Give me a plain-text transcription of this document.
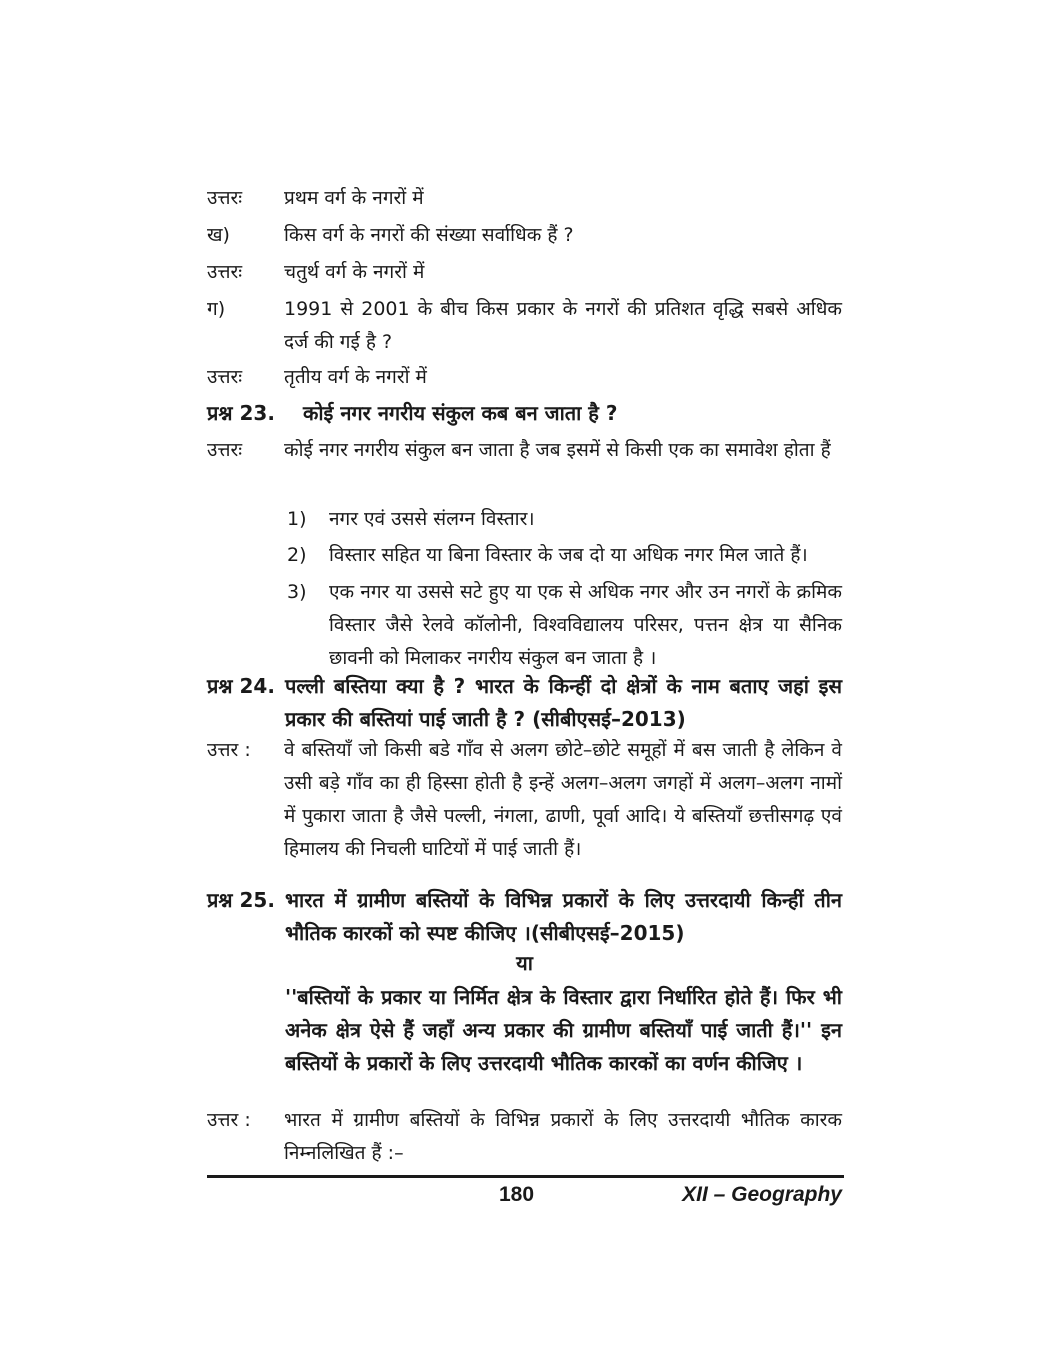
उत्तरः प्रथम वर्ग के नगरों में
ख)	किस वर्ग के नगरों की संख्या सर्वाधिक हैं ?
उत्तरः चतुर्थ वर्ग के नगरों में
ग)	1991 से 2001 के बीच किस प्रकार के नगरों की प्रतिशत वृद्धि सबसे अधिक दर्ज की गई है ?
उत्तरः तृतीय वर्ग के नगरों में
प्रश्न 23. कोई नगर नगरीय संकुल कब बन जाता है ?
उत्तरः कोई नगर नगरीय संकुल बन जाता है जब इसमें से किसी एक का समावेश होता हैं
1) नगर एवं उससे संलग्न विस्तार।
2) विस्तार सहित या बिना विस्तार के जब दो या अधिक नगर मिल जाते हैं।
3) एक नगर या उससे सटे हुए या एक से अधिक नगर और उन नगरों के क्रमिक विस्तार जैसे रेलवे कॉलोनी, विश्वविद्यालय परिसर, पत्तन क्षेत्र या सैनिक छावनी को मिलाकर नगरीय संकुल बन जाता है ।
प्रश्न 24. पल्ली बस्तिया क्या है ? भारत के किन्हीं दो क्षेत्रों के नाम बताए जहां इस प्रकार की बस्तियां पाई जाती है ? (सीबीएसई–2013)
उत्तर : वे बस्तियाँ जो किसी बडे गाँव से अलग छोटे–छोटे समूहों में बस जाती है लेकिन वे उसी बड़े गाँव का ही हिस्सा होती है इन्हें अलग–अलग जगहों में अलग–अलग नामों में पुकारा जाता है जैसे पल्ली, नंगला, ढाणी, पूर्वा आदि। ये बस्तियाँ छत्तीसगढ़ एवं हिमालय की निचली घाटियों में पाई जाती हैं।
प्रश्न 25. भारत में ग्रामीण बस्तियों के विभिन्न प्रकारों के लिए उत्तरदायी किन्हीं तीन भौतिक कारकों को स्पष्ट कीजिए ।(सीबीएसई–2015)
या
''बस्तियों के प्रकार या निर्मित क्षेत्र के विस्तार द्वारा निर्धारित होते हैं। फिर भी अनेक क्षेत्र ऐसे हैं जहाँ अन्य प्रकार की ग्रामीण बस्तियाँ पाई जाती हैं।'' इन बस्तियों के प्रकारों के लिए उत्तरदायी भौतिक कारकों का वर्णन कीजिए ।
उत्तर : भारत में ग्रामीण बस्तियों के विभिन्न प्रकारों के लिए उत्तरदायी भौतिक कारक निम्नलिखित हैं :–
180	XII – Geography
